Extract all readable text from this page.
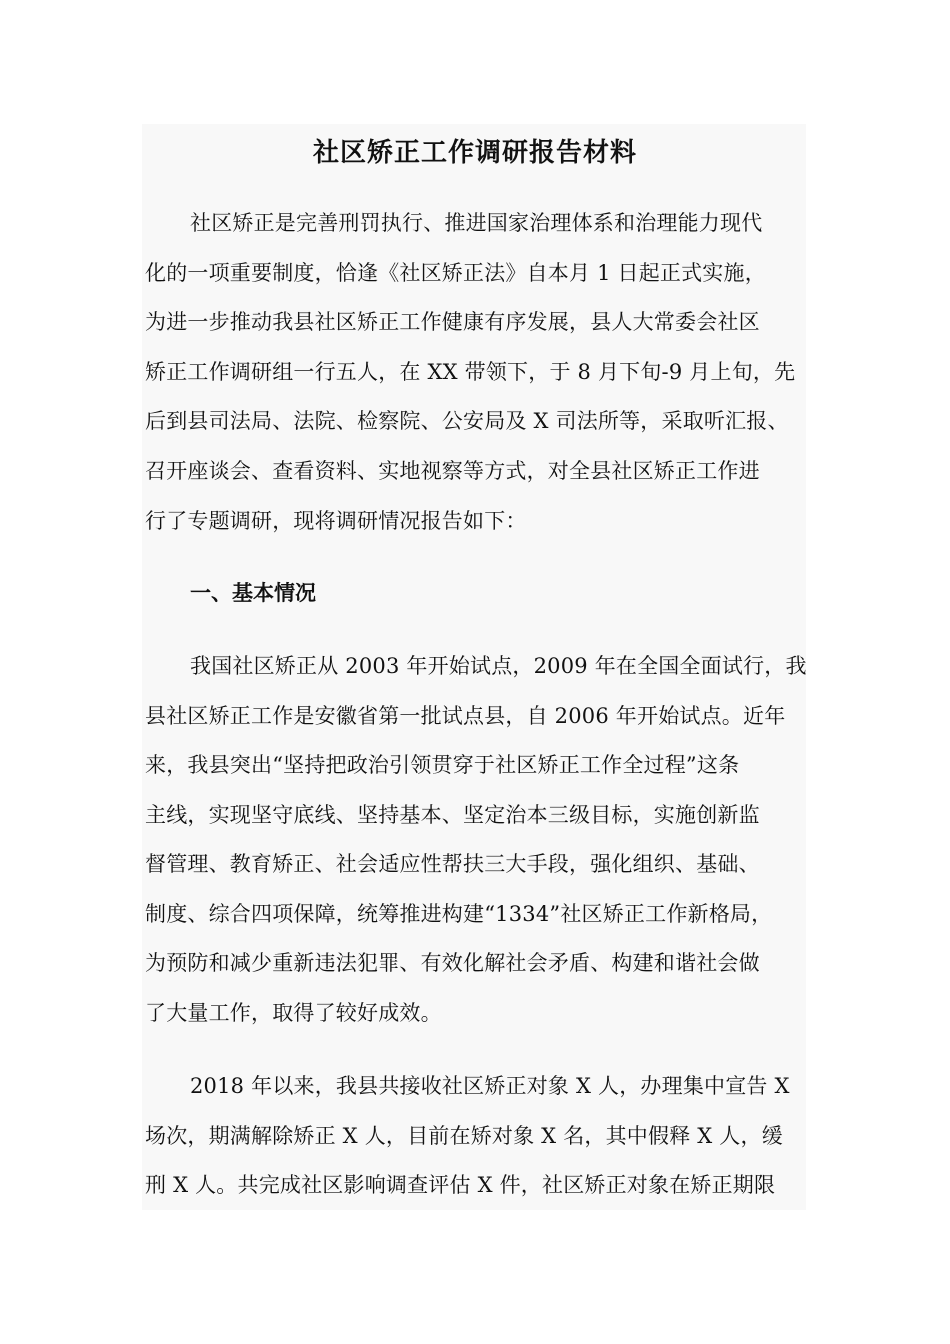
社区矫正工作调研报告材料
社区矫正是完善刑罚执行、推进国家治理体系和治理能力现代
化的一项重要制度，恰逢《社区矫正法》自本月 1 日起正式实施，
为进一步推动我县社区矫正工作健康有序发展，县人大常委会社区
矫正工作调研组一行五人，在 XX 带领下，于 8 月下旬-9 月上旬，先
后到县司法局、法院、检察院、公安局及 X 司法所等，采取听汇报、
召开座谈会、查看资料、实地视察等方式，对全县社区矫正工作进
行了专题调研，现将调研情况报告如下：
一、基本情况
我国社区矫正从 2003 年开始试点，2009 年在全国全面试行，我
县社区矫正工作是安徽省第一批试点县，自 2006 年开始试点。近年
来，我县突出“坚持把政治引领贯穿于社区矫正工作全过程”这条
主线，实现坚守底线、坚持基本、坚定治本三级目标，实施创新监
督管理、教育矫正、社会适应性帮扶三大手段，强化组织、基础、
制度、综合四项保障，统筹推进构建“1334”社区矫正工作新格局，
为预防和减少重新违法犯罪、有效化解社会矛盾、构建和谐社会做
了大量工作，取得了较好成效。
2018 年以来，我县共接收社区矫正对象 X 人，办理集中宣告 X
场次，期满解除矫正 X 人，目前在矫对象 X 名，其中假释 X 人，缓
刑 X 人。共完成社区影响调查评估 X 件，社区矫正对象在矫正期限
